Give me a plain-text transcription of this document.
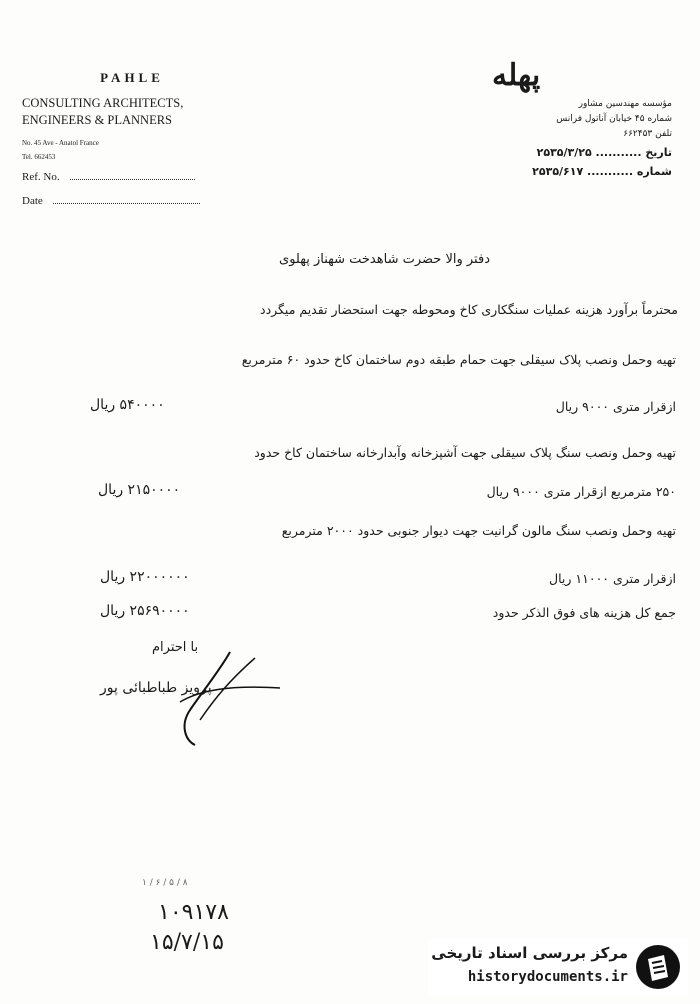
PAHLE
CONSULTING ARCHITECTS,
ENGINEERS & PLANNERS
No. 45 Ave - Anatol France
Tel. 662453
Ref. No.
Date
پهله
مؤسسه مهندسین مشاور
شماره ۴۵ خیابان آناتول فرانس
تلفن ۶۶۲۴۵۳
تاریخ ........... ۲۵۳۵/۳/۲۵
شماره ........... ۲۵۳۵/۶۱۷
دفتر والا حضرت شاهدخت شهناز پهلوی
محترماً برآورد هزینه عملیات سنگکاری کاخ ومحوطه جهت استحضار تقدیم میگردد
تهیه وحمل ونصب پلاک سیقلی جهت حمام طبقه دوم ساختمان کاخ حدود ۶۰ مترمربع
ازقرار متری ۹۰۰۰ ریال
۵۴۰۰۰۰ ریال
تهیه وحمل ونصب سنگ پلاک سیقلی جهت آشپزخانه وآبدارخانه ساختمان کاخ حدود
۲۵۰ مترمربع ازقرار متری ۹۰۰۰ ریال
۲۱۵۰۰۰۰ ریال
تهیه وحمل ونصب سنگ مالون گرانیت جهت دیوار جنوبی حدود ۲۰۰۰ مترمربع
ازقرار متری ۱۱۰۰۰ ریال
۲۲۰۰۰۰۰۰ ریال
جمع کل هزینه های فوق الذکر حدود
۲۵۶۹۰۰۰۰ ریال
با احترام
پرویز طباطبائی پور
۱ / ۶ / ۵ / ۸
۱۰۹۱۷۸
۱۵/۷/۱۵	مرکز بررسی اسناد تاریخی
historydocuments.ir
